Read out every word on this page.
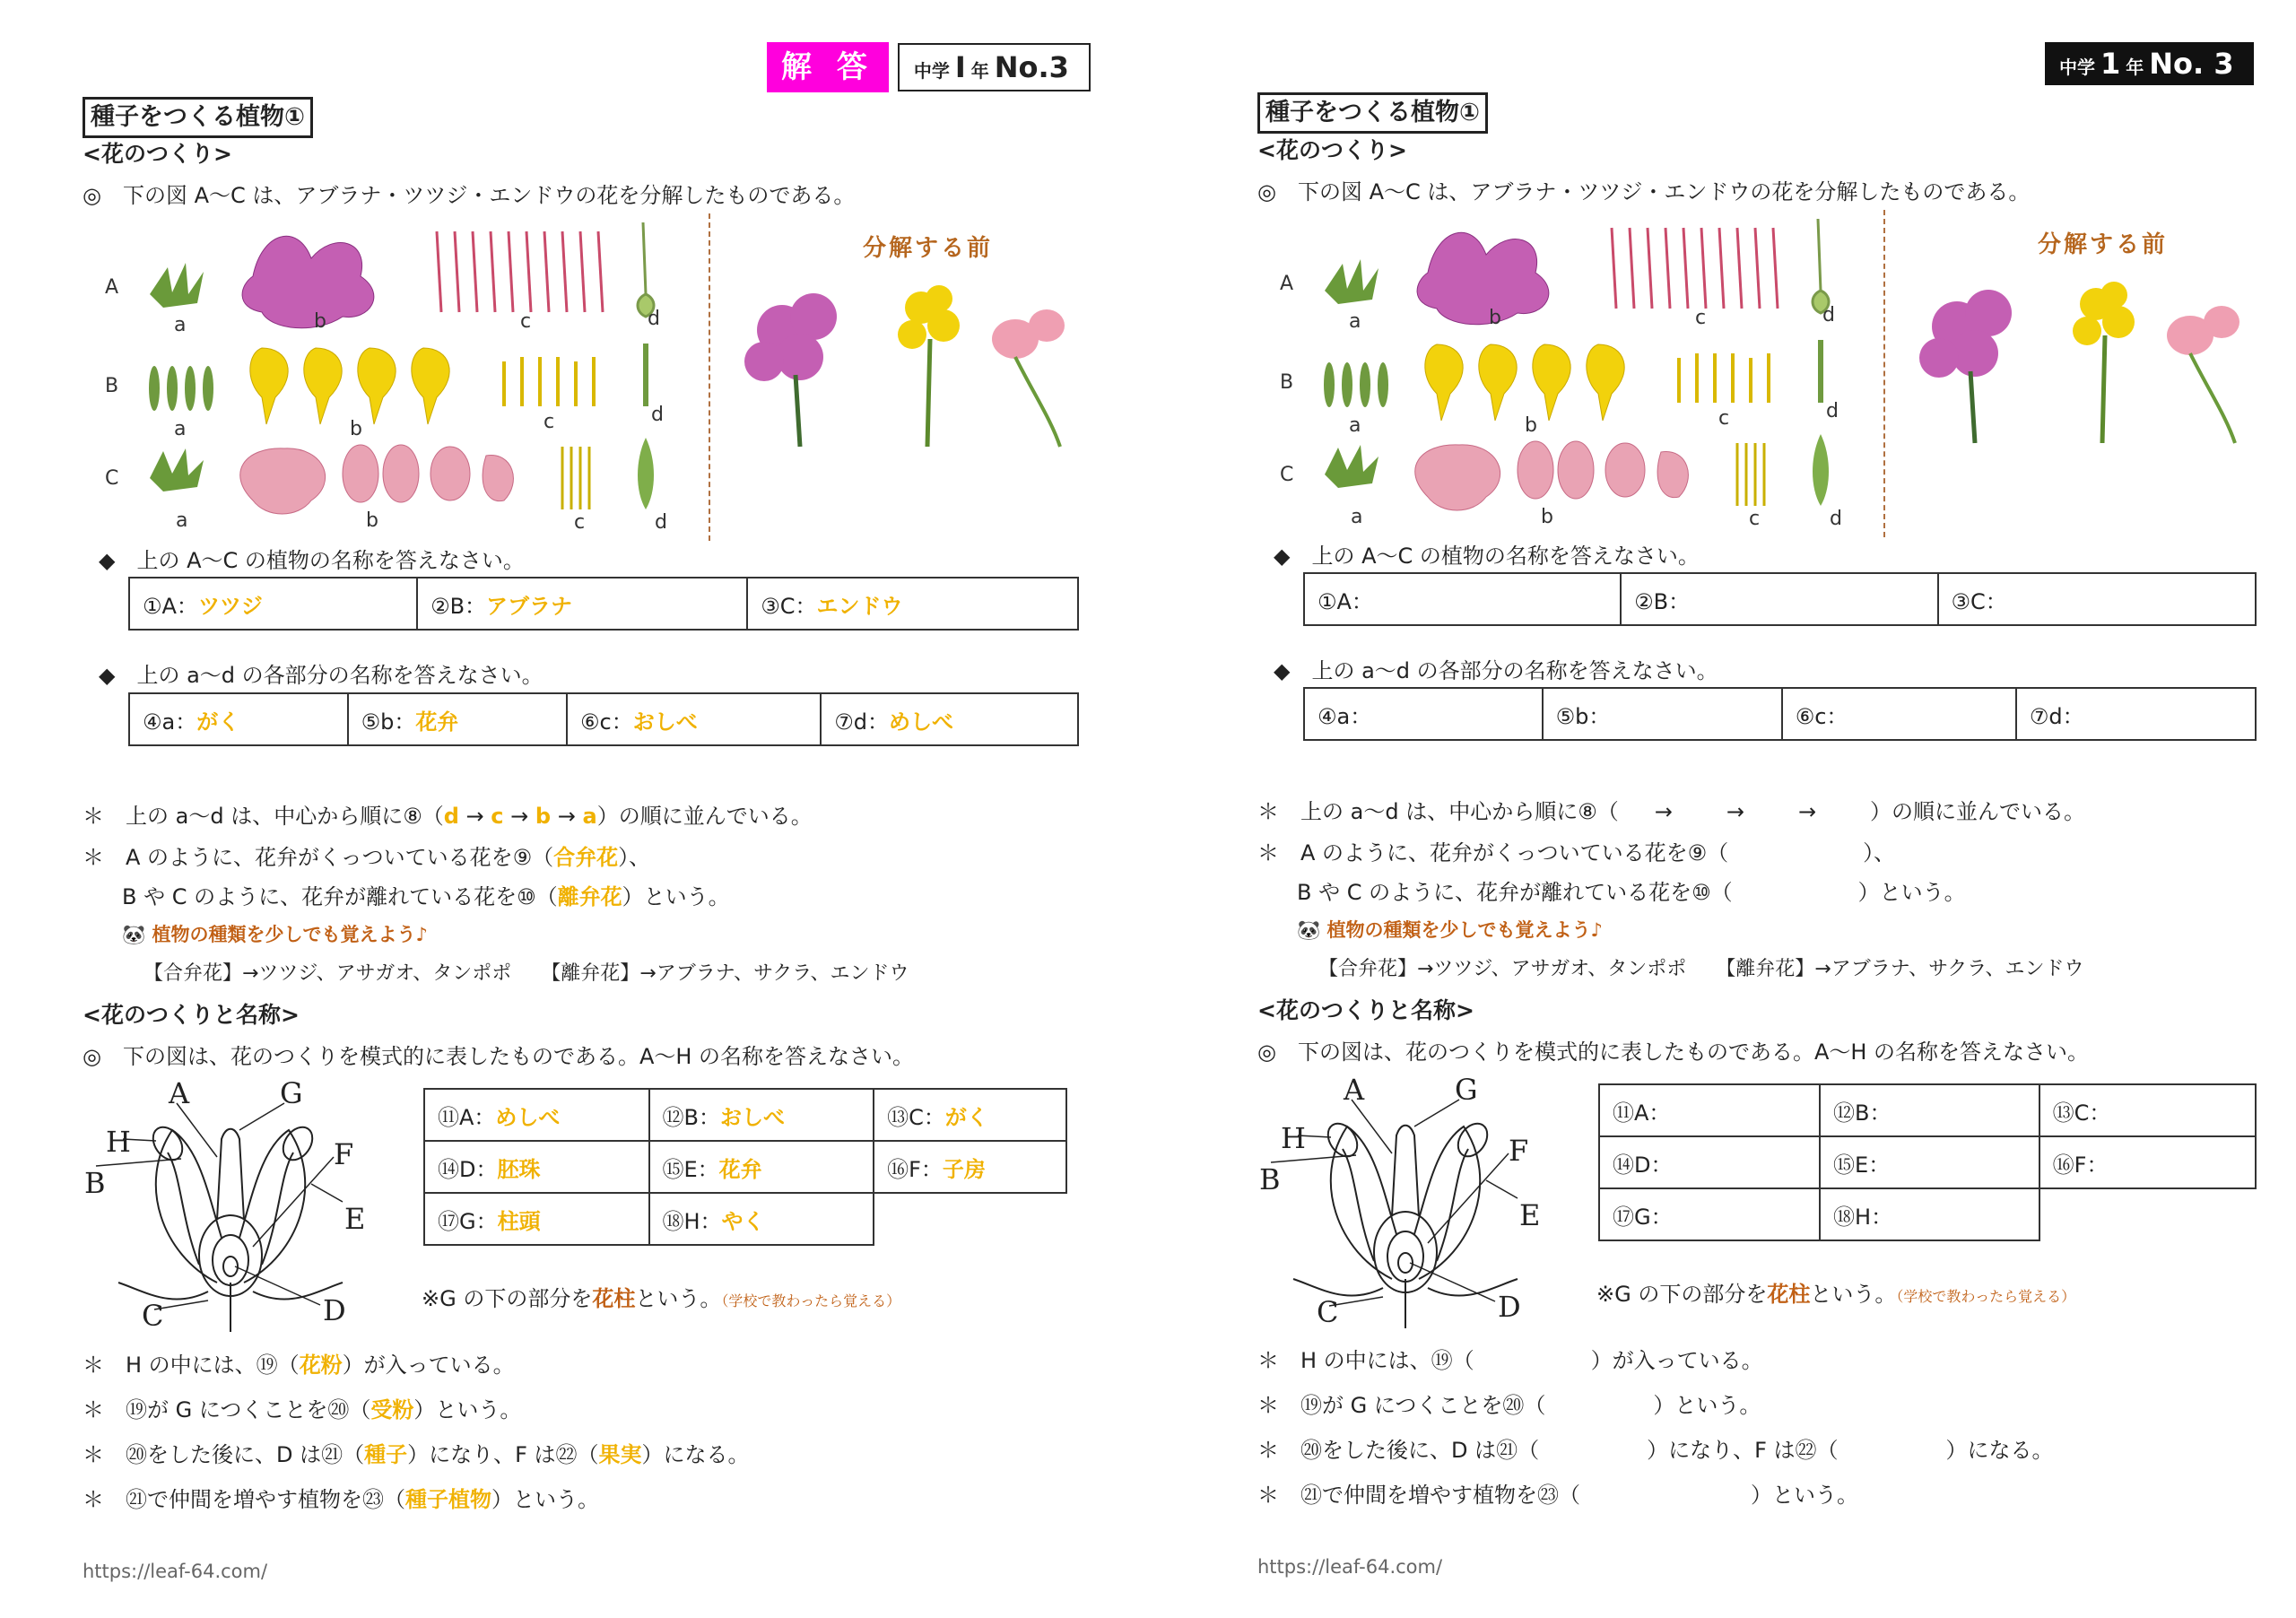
解 答	中学 Ⅰ 年 No.3
種子をつくる植物①
<花のつくり>
◎　下の図 A～C は、アブラナ・ツツジ・エンドウの花を分解したものである。
A
B
C
a	b	c	d
a	b	c	d
a	b	c	d
分解する前
◆　上の A～C の植物の名称を答えなさい。
①A：ツツジ	②B：アブラナ	③C：エンドウ
◆　上の a～d の各部分の名称を答えなさい。
④a：がく	⑤b：花弁	⑥c：おしべ	⑦d：めしべ
＊　上の a～d は、中心から順に⑧（d → c → b → a）の順に並んでいる。
＊　A のように、花弁がくっついている花を⑨（合弁花）、
B や C のように、花弁が離れている花を⑩（離弁花）という。
🐼 植物の種類を少しでも覚えよう♪
【合弁花】→ツツジ、アサガオ、タンポポ　　【離弁花】→アブラナ、サクラ、エンドウ
<花のつくりと名称>
◎　下の図は、花のつくりを模式的に表したものである。A～H の名称を答えなさい。
A	G
H	F
B
E
C	D
⑪A：めしべ	⑫B：おしべ	⑬C：がく
⑭D：胚珠	⑮E：花弁	⑯F：子房
⑰G：柱頭	⑱H：やく	
※G の下の部分を花柱という。（学校で教わったら覚える）
＊　H の中には、⑲（花粉）が入っている。
＊　⑲が G につくことを⑳（受粉）という。
＊　⑳をした後に、D は㉑（種子）になり、F は㉒（果実）になる。
＊　㉑で仲間を増やす植物を㉓（種子植物）という。
https://leaf-64.com/
中学 1 年 No. 3
種子をつくる植物①
<花のつくり>
◎　下の図 A～C は、アブラナ・ツツジ・エンドウの花を分解したものである。
A
B
C
a	b	c	d
a	b	c	d
a	b	c	d
分解する前
◆　上の A～C の植物の名称を答えなさい。
①A：	②B：	③C：
◆　上の a～d の各部分の名称を答えなさい。
④a：	⑤b：	⑥c：	⑦d：
＊　上の a～d は、中心から順に⑧（ →	→	→	）の順に並んでいる。
＊　A のように、花弁がくっついている花を⑨（	）、
B や C のように、花弁が離れている花を⑩（	）という。
🐼 植物の種類を少しでも覚えよう♪
【合弁花】→ツツジ、アサガオ、タンポポ　　【離弁花】→アブラナ、サクラ、エンドウ
<花のつくりと名称>
◎　下の図は、花のつくりを模式的に表したものである。A～H の名称を答えなさい。
A	G
H	F
B
E
C	D
⑪A：	⑫B：	⑬C：
⑭D：	⑮E：	⑯F：
⑰G：	⑱H：	
※G の下の部分を花柱という。（学校で教わったら覚える）
＊　H の中には、⑲（	）が入っている。
＊　⑲が G につくことを⑳（	）という。
＊　⑳をした後に、D は㉑（	）になり、F は㉒（	）になる。
＊　㉑で仲間を増やす植物を㉓（	）という。
https://leaf-64.com/
